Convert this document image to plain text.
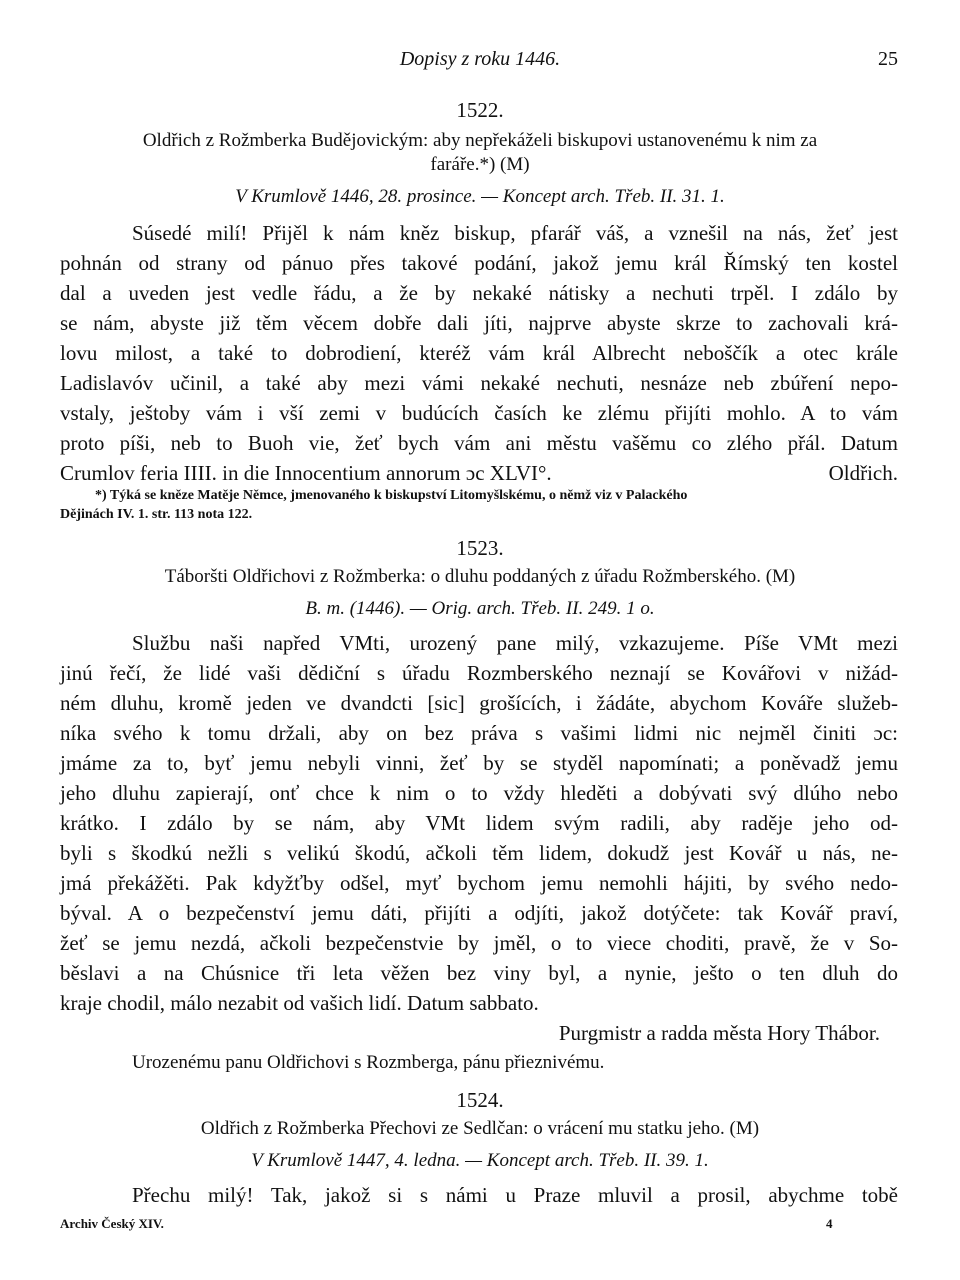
Dopisy z roku 1446.	25
1522.
Oldřich z Rožmberka Budějovickým: aby nepřekáželi biskupovi ustanovenému k nim za
faráře.*) (M)
V Krumlově 1446, 28. prosince. — Koncept arch. Třeb. II. 31. 1.
Súsedé milí! Přijěl k nám kněz biskup, pfarář váš, a vznešil na nás, žeť jest
pohnán od strany od pánuo přes takové podání, jakož jemu král Římský ten kostel
dal a uveden jest vedle řádu, a že by nekaké nátisky a nechuti trpěl. I zdálo by
se nám, abyste již těm věcem dobře dali jíti, najprve abyste skrze to zachovali krá-
lovu milost, a také to dobrodiení, kteréž vám král Albrecht neboščík a otec krále
Ladislavóv učinil, a také aby mezi vámi nekaké nechuti, nesnáze neb zbúření nepo-
vstaly, ještoby vám i vší zemi v budúcích časích ke zlému přijíti mohlo. A to vám
proto píši, neb to Buoh vie, žeť bych vám ani městu vašěmu co zlého přál. Datum
Crumlov feria IIII. in die Innocentium annorum ɔc XLVI°.	Oldřich.
*) Týká se kněze Matěje Němce, jmenovaného k biskupství Litomyšlskému, o němž viz v Palackého
Dějinách IV. 1. str. 113 nota 122.
1523.
Táboršti Oldřichovi z Rožmberka: o dluhu poddaných z úřadu Rožmberského. (M)
B. m. (1446). — Orig. arch. Třeb. II. 249. 1 o.
Službu naši napřed VMti, urozený pane milý, vzkazujeme. Píše VMt mezi
jinú řečí, že lidé vaši dědiční s úřadu Rozmberského neznají se Kovářovi v nižád-
ném dluhu, kromě jeden ve dvandcti [sic] grošících, i žádáte, abychom Kováře služeb-
níka svého k tomu držali, aby on bez práva s vašimi lidmi nic nejměl činiti ɔc:
jmáme za to, byť jemu nebyli vinni, žeť by se styděl napomínati; a poněvadž jemu
jeho dluhu zapierají, onť chce k nim o to vždy hleděti a dobývati svý dlúho nebo
krátko. I zdálo by se nám, aby VMt lidem svým radili, aby raděje jeho od-
byli s škodkú nežli s velikú škodú, ačkoli těm lidem, dokudž jest Kovář u nás, ne-
jmá překážěti. Pak kdyžťby odšel, myť bychom jemu nemohli hájiti, by svého nedo-
býval. A o bezpečenství jemu dáti, přijíti a odjíti, jakož dotýčete: tak Kovář praví,
žeť se jemu nezdá, ačkoli bezpečenstvie by jměl, o to viece choditi, pravě, že v So-
běslavi a na Chúsnice tři leta věžen bez viny byl, a nynie, ješto o ten dluh do
kraje chodil, málo nezabit od vašich lidí. Datum sabbato.
Purgmistr a radda města Hory Thábor.
Urozenému panu Oldřichovi s Rozmberga, pánu přieznivému.
1524.
Oldřich z Rožmberka Přechovi ze Sedlčan: o vrácení mu statku jeho. (M)
V Krumlově 1447, 4. ledna. — Koncept arch. Třeb. II. 39. 1.
Přechu milý! Tak, jakož si s námi u Praze mluvil a prosil, abychme tobě
Archiv Český XIV.	4
